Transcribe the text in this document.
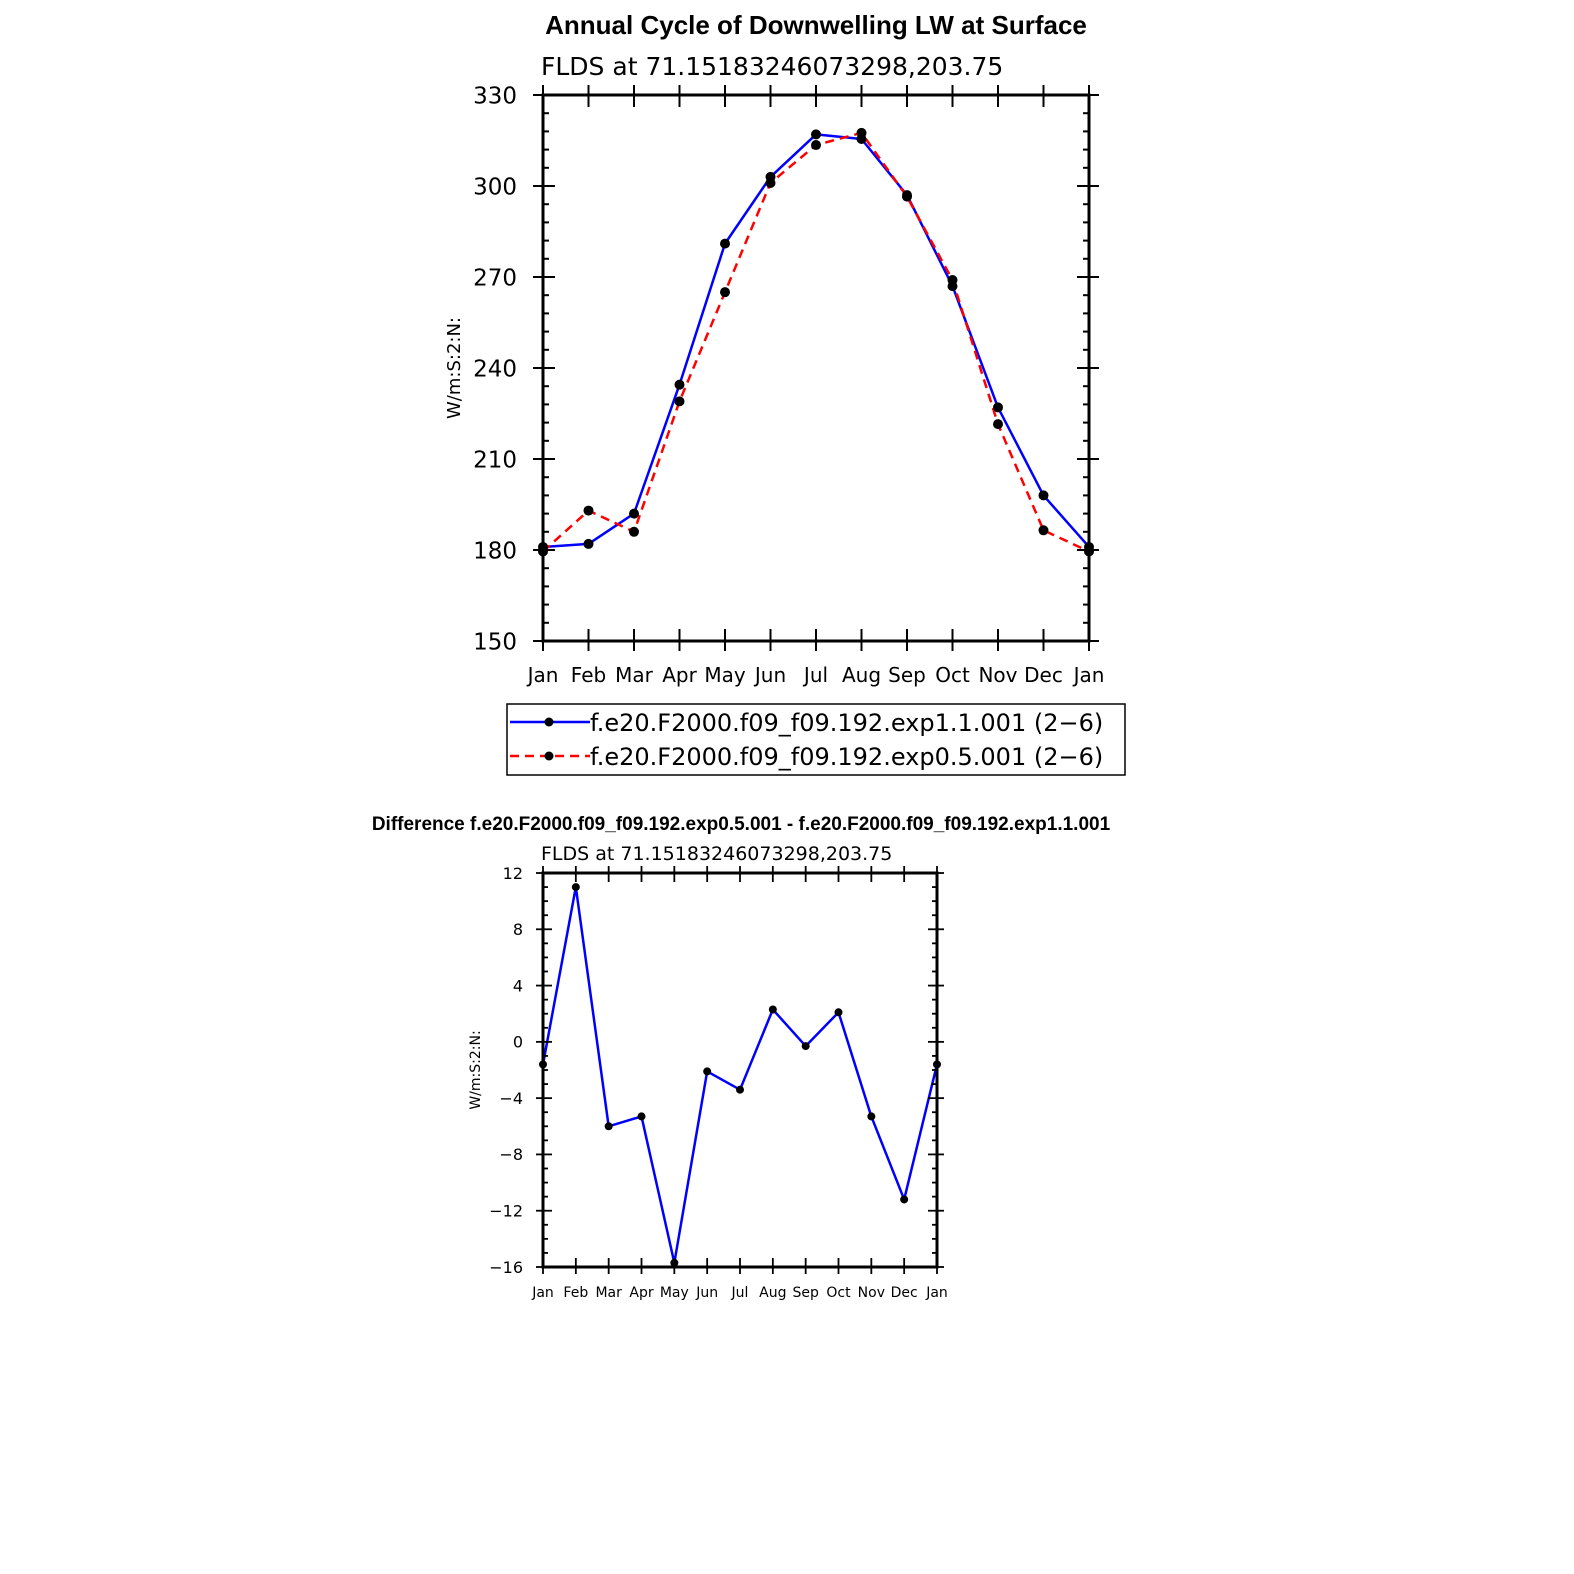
Annual Cycle of Downwelling LW at Surface
FLDS at 71.15183246073298,203.75
W/m:S:2:N:
150
180
210
240
270
300
330
Jan Feb Mar Apr May Jun Jul Aug Sep Oct Nov Dec Jan
f.e20.F2000.f09_f09.192.exp1.1.001 (2−6)
f.e20.F2000.f09_f09.192.exp0.5.001 (2−6)
Difference f.e20.F2000.f09_f09.192.exp0.5.001 - f.e20.F2000.f09_f09.192.exp1.1.001
FLDS at 71.15183246073298,203.75
W/m:S:2:N:
−16
−12
−8
−4
0
4
8
12
Jan Feb Mar Apr May Jun Jul Aug Sep Oct Nov Dec Jan
